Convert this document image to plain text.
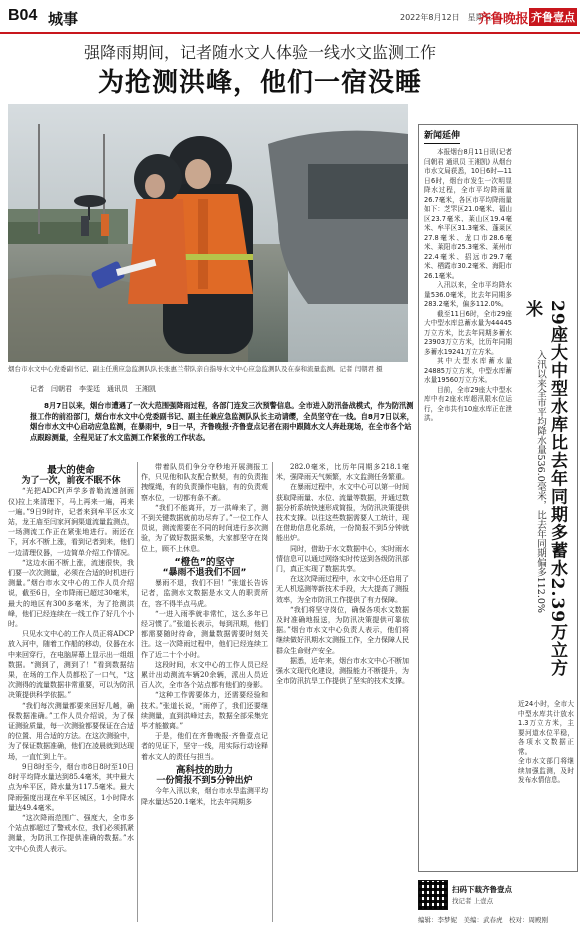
B04 城事	2022年8月12日　星期五
齐鲁晚报 齐鲁壹点
强降雨期间，记者随水文人体验一线水文监测工作
为抢测洪峰，他们一宿没睡
烟台市水文中心党委副书记、副主任熏应急监测队队长张惠兰带队亲自指导水文中心应急监测队及在泰和流量监测。记者 闫朝君 摄
记者　闫朝君　李雯廷　通讯员　王湘凯
8月7日以来，烟台市遭遇了一次大范围强降雨过程，各部门连发三次预警信息。全市进入防汛备战模式，作为防汛测报工作的前沿部门，烟台市水文中心党委副书记、副主任兼应急监测队队长主动请缨，全员坚守在一线。自8月7日以来，烟台市水文中心启动应急监测，在暴雨中，9日一早，齐鲁晚报·齐鲁壹点记者在雨中跟随水文人奔赴现场，在全市各个站点跟踪测量，全程见证了水文监测工作紧张的工作状态。

最大的使命

为了一次，前夜不眠不休

“光把ADCP(声学多普勒流速剖面仪)拉上来清理下，马上再来一遍，再来一遍。”9日9时许，记者来到牟平区水文站，龙王庙至闫家河涧渠道流量监测点，一场测流工作正在紧张地进行。雨还在下，河水不断上涨，看到记者到来，他们一边清理仪器，一边简单介绍工作情况。

“这边水面不断上涨，流速很快，我们要一次次测量，必须在合适的时机进行测量。”烟台市水文中心的工作人员介绍说，截至6日，全市降雨已超过30毫米，最大的地区有300多毫米，为了抢测洪峰，他们已经连续在一线工作了好几个小时。

只见水文中心的工作人员正将ADCP放入河中，随着工作船的移动，仪器在水中来回穿行，在电脑屏幕上显示出一组组数据。“测到了，测到了！”看到数据结果，在场的工作人员都松了一口气，“这次测得的流量数据非常重要，可以为防汛决策提供科学依据。”

“我们每次测量都要来回好几趟，确保数据准确。”工作人员介绍说，为了保证测验质量，每一次测验都要保证在合适的位置、用合适的方法。在这次测验中，为了保证数据准确，他们在凌晨就到达现场，一直忙到上午。

9日8时至今，烟台市8日8时至10日8时平均降水量达到85.4毫米，其中最大点为牟平区，降水量为117.5毫米。最大降雨强度出现在牟平区城区，1小时降水量达49.4毫米。

“这次降雨范围广、强度大，全市多个站点都超过了警戒水位，我们必须抓紧测量，为防汛工作提供准确的数据。”水文中心负责人表示。

带着队员们争分夺秒地开展测报工作，只见他和队友配合默契，有的负责拖拽缆绳，有的负责操作电脑，有的负责观察水位，一切都有条不紊。

“我们不能离开，万一洪峰来了，测不到关键数据就前功尽弃了。”一位工作人员说，测流需要在不同的时间进行多次测验，为了做好数据采集，大家都坚守在岗位上，顾不上休息。

“橙色”的坚守

“暴雨不退我们不回”

暴雨不退，我们不回！”张道长告诉记者，监测水文数据是水文人的职责所在，容不得半点马虎。

“一进入雨季就非常忙，这么多年已经习惯了。”张道长表示，每到汛期，他们都需要随时待命，测量数据需要时刻关注。这一次降雨过程中，他们已经连续工作了近二十个小时。

这段时间，水文中心的工作人员已经累计出动测流车辆20余辆，派出人员近百人次，全市各个站点都有他们的身影。

“这种工作需要体力，还需要经验和技术。”张道长说，“雨停了，我们还要继续测量，直到洪峰过去，数据全部采集完毕才能撤离。”

于是，他们在齐鲁晚报·齐鲁壹点记者的见证下，坚守一线，用实际行动诠释着水文人的责任与担当。

高科技的助力

一份简报不到5分钟出炉

今年入汛以来，烟台市水旱监测平均降水量达520.1毫米，比去年同期多

282.0毫米，比历年同期多218.1毫米，强降雨天气频繁，水文监测任务繁重。

在暴雨过程中，水文中心可以第一时间获取降雨量、水位、流量等数据，并通过数据分析系统快速形成简报，为防汛决策提供技术支撑。以往这些数据需要人工统计，现在借助信息化系统，一份简报不到5分钟就能出炉。

同时，借助于水文数据中心，实时雨水情信息可以通过网络实时传送到各级防汛部门，真正实现了数据共享。

在这次降雨过程中，水文中心还启用了无人机巡测等新技术手段，大大提高了测报效率，为全市防汛工作提供了有力保障。

“我们将坚守岗位，确保各项水文数据及时准确地报送，为防汛决策提供可靠依据。”烟台市水文中心负责人表示，他们将继续做好汛期水文测报工作，全力保障人民群众生命财产安全。

据悉，近年来，烟台市水文中心不断加强水文现代化建设，测报能力不断提升，为全市防汛抗旱工作提供了坚实的技术支撑。

新闻延伸

本报烟台8月11日讯(记者 闫朝君 通讯员 王湘凯) 从烟台市水文局获悉，10日6时—11日6时，烟台市发生一次明显降水过程，全市平均降雨量26.7毫米，各区市平均降雨量如下：芝罘区21.0毫米、福山区23.7毫米、莱山区19.4毫米、牟平区31.3毫米、蓬莱区27.8毫米、龙口市28.6毫米、莱阳市25.3毫米、莱州市22.4毫米、招远市29.7毫米、栖霞市30.2毫米、海阳市26.1毫米。

入汛以来，全市平均降水量536.0毫米，比去年同期多283.2毫米，偏多112.0%。

截至11日6时，全市29座大中型水库总蓄水量为44445万立方米，比去年同期多蓄水23903万立方米，比历年同期多蓄水19241万立方米。

其中大型水库蓄水量24885万立方米，中型水库蓄水量19560万立方米。

目前，全市29座大中型水库中有2座水库超汛限水位运行，全市共有10座水库正在泄洪。	29座大中型水库比去年同期多蓄水2.39万立方米
入汛以来全市平均降水量536.0毫米，比去年同期偏多112.0%

近24小时，全市大中型水库共计放水1.3万立方米，主要河道水位平稳，各项水文数据正常。

全市水文部门将继续加强监测，及时发布水情信息。

扫码下载齐鲁壹点
找记者 上壹点
编辑：李梦妮　美编：武春虎　校对：周殿刚
